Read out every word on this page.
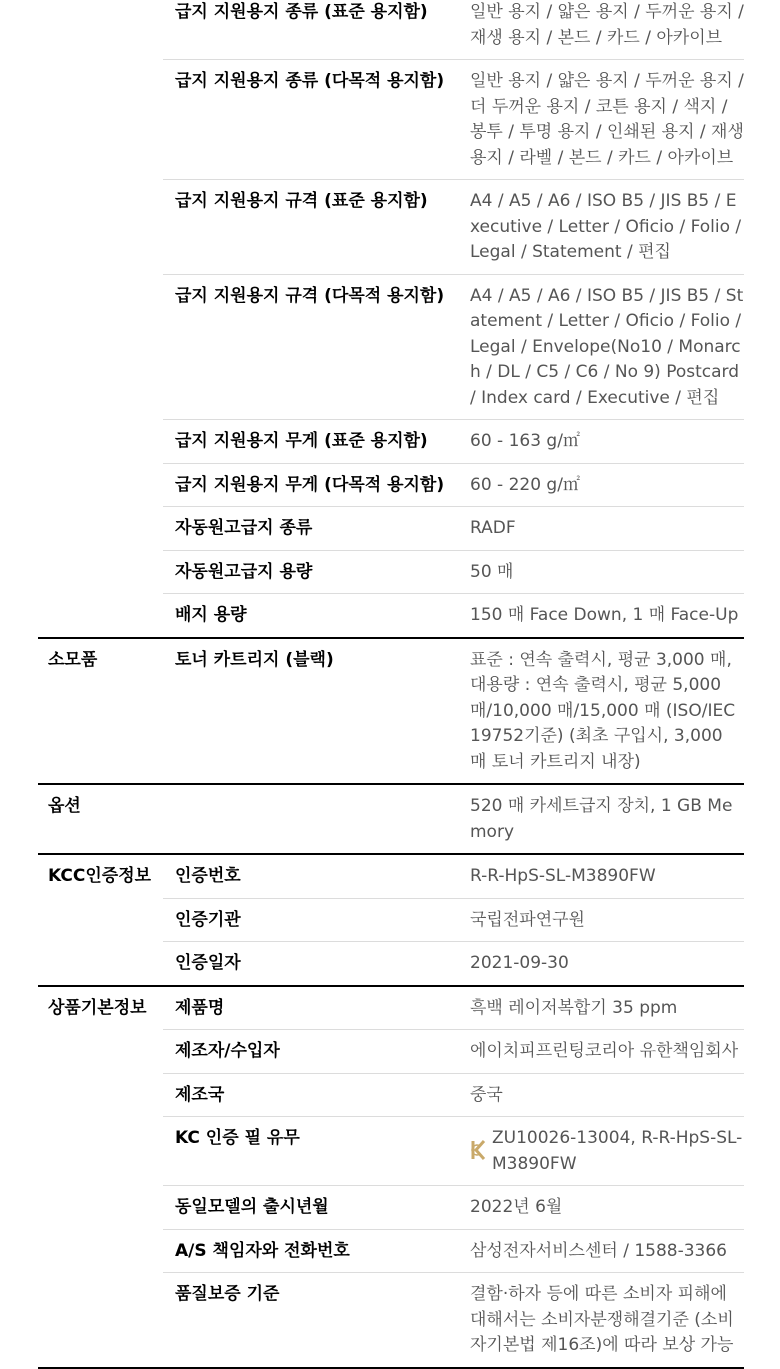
	급지 지원용지 종류 (표준 용지함)	일반 용지 / 얇은 용지 / 두꺼운 용지 / 재생 용지 / 본드 / 카드 / 아카이브
	급지 지원용지 종류 (다목적 용지함)	일반 용지 / 얇은 용지 / 두꺼운 용지 / 더 두꺼운 용지 / 코튼 용지 / 색지 / 봉투 / 투명 용지 / 인쇄된 용지 / 재생 용지 / 라벨 / 본드 / 카드 / 아카이브
	급지 지원용지 규격 (표준 용지함)	A4 / A5 / A6 / ISO B5 / JIS B5 / Executive / Letter / Oficio / Folio / Legal / Statement / 편집
	급지 지원용지 규격 (다목적 용지함)	A4 / A5 / A6 / ISO B5 / JIS B5 / Statement / Letter / Oficio / Folio / Legal / Envelope(No10 / Monarch / DL / C5 / C6 / No 9) Postcard / Index card / Executive / 편집
	급지 지원용지 무게 (표준 용지함)	60 - 163 g/㎡
	급지 지원용지 무게 (다목적 용지함)	60 - 220 g/㎡
	자동원고급지 종류	RADF
	자동원고급지 용량	50 매
	배지 용량	150 매 Face Down, 1 매 Face-Up
소모품	토너 카트리지 (블랙)	표준 : 연속 출력시, 평균 3,000 매, 대용량 : 연속 출력시, 평균 5,000 매/10,000 매/15,000 매 (ISO/IEC19752기준) (최초 구입시, 3,000 매 토너 카트리지 내장)
옵션		520 매 카세트급지 장치, 1 GB Memory
KCC인증정보	인증번호	R-R-HpS-SL-M3890FW
	인증기관	국립전파연구원
	인증일자	2021-09-30
상품기본정보	제품명	흑백 레이저복합기 35 ppm
	제조자/수입자	에이치피프린팅코리아 유한책임회사
	제조국	중국
	KC 인증 필 유무	ZU10026-13004, R-R-HpS-SL-M3890FW

	동일모델의 출시년월	2022년 6월
	A/S 책임자와 전화번호	삼성전자서비스센터 / 1588-3366
	품질보증 기준	결함·하자 등에 따른 소비자 피해에 대해서는 소비자분쟁해결기준 (소비자기본법 제16조)에 따라 보상 가능
